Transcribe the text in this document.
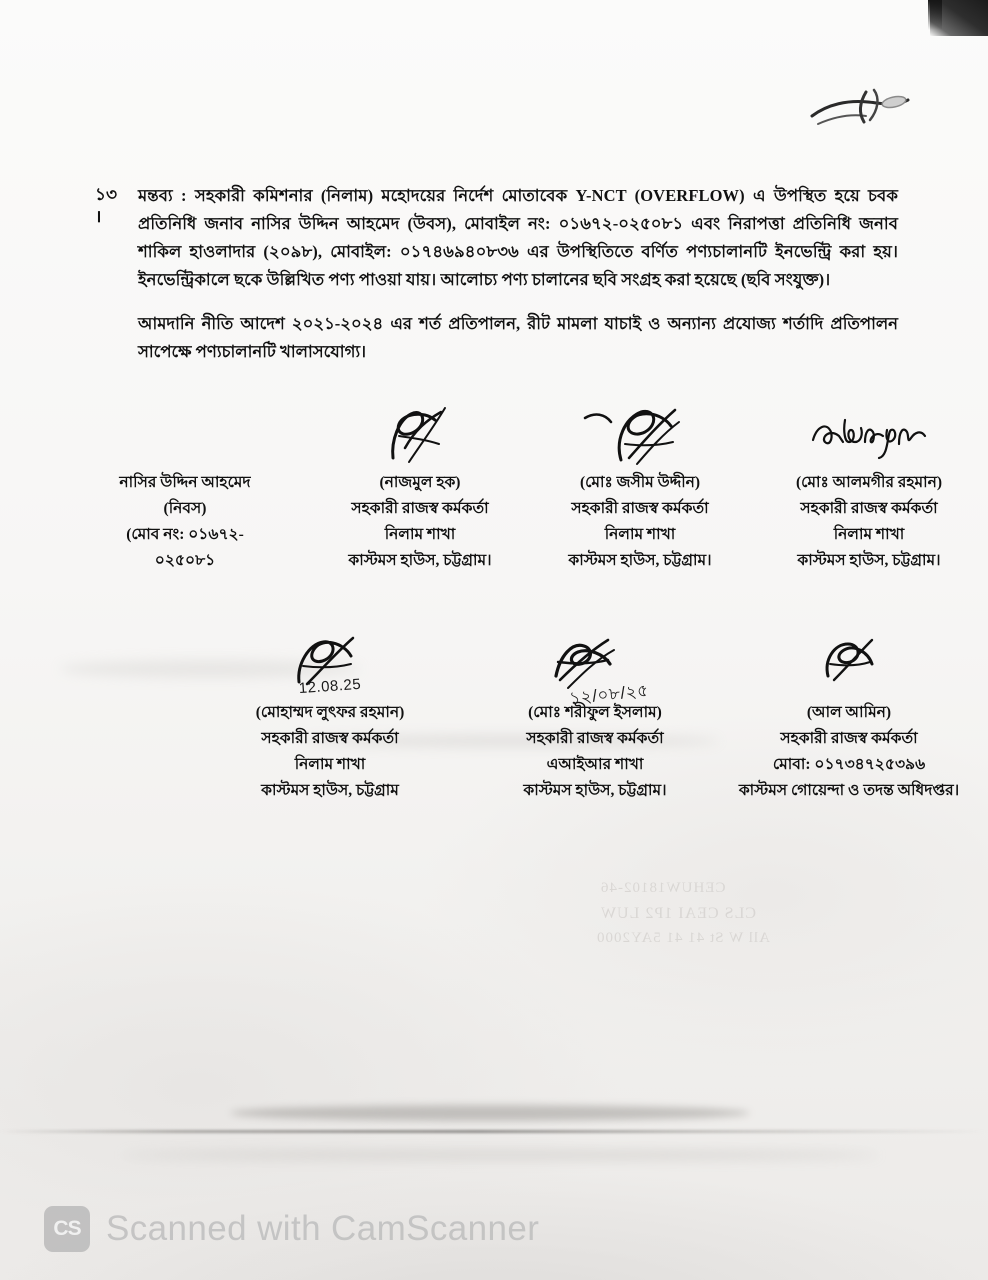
CEHUW18102-46
CLS CEAI 1P2 LUW
All W St 41 41 5AY2000
১৩
।
মন্তব্য : সহকারী কমিশনার (নিলাম) মহোদয়ের নির্দেশ মোতাবেক Y-NCT (OVERFLOW) এ উপস্থিত হয়ে চবক প্রতিনিধি জনাব নাসির উদ্দিন আহমেদ (উবস), মোবাইল নং: ০১৬৭২-০২৫০৮১ এবং নিরাপত্তা প্রতিনিধি জনাব শাকিল হাওলাদার (২০৯৮), মোবাইল: ০১৭৪৬৯৪০৮৩৬ এর উপস্থিতিতে বর্ণিত পণ্যচালানটি ইনভেন্ট্রি করা হয়। ইনভেন্ট্রিকালে ছকে উল্লিখিত পণ্য পাওয়া যায়। আলোচ্য পণ্য চালানের ছবি সংগ্রহ করা হয়েছে (ছবি সংযুক্ত)।
আমদানি নীতি আদেশ ২০২১-২০২৪ এর শর্ত প্রতিপালন, রীট মামলা যাচাই ও অন্যান্য প্রযোজ্য শর্তাদি প্রতিপালন সাপেক্ষে পণ্যচালানটি খালাসযোগ্য।
নাসির উদ্দিন আহমেদ
(নিবস)
(মোব নং: ০১৬৭২-
০২৫০৮১
(নাজমুল হক)
সহকারী রাজস্ব কর্মকর্তা
নিলাম শাখা
কাস্টমস হাউস, চট্টগ্রাম।
(মোঃ জসীম উদ্দীন)
সহকারী রাজস্ব কর্মকর্তা
নিলাম শাখা
কাস্টমস হাউস, চট্টগ্রাম।
(মোঃ আলমগীর রহমান)
সহকারী রাজস্ব কর্মকর্তা
নিলাম শাখা
কাস্টমস হাউস, চট্টগ্রাম।
12.08.25
(মোহাম্মদ লুৎফর রহমান)
সহকারী রাজস্ব কর্মকর্তা
নিলাম শাখা
কাস্টমস হাউস, চট্টগ্রাম
১২/০৮/২৫
(মোঃ শরীফুল ইসলাম)
সহকারী রাজস্ব কর্মকর্তা
এআইআর শাখা
কাস্টমস হাউস, চট্টগ্রাম।
(আল আমিন)
সহকারী রাজস্ব কর্মকর্তা
মোবা: ০১৭৩৪৭২৫৩৯৬
কাস্টমস গোয়েন্দা ও তদন্ত অধিদপ্তর।
CS Scanned with CamScanner
